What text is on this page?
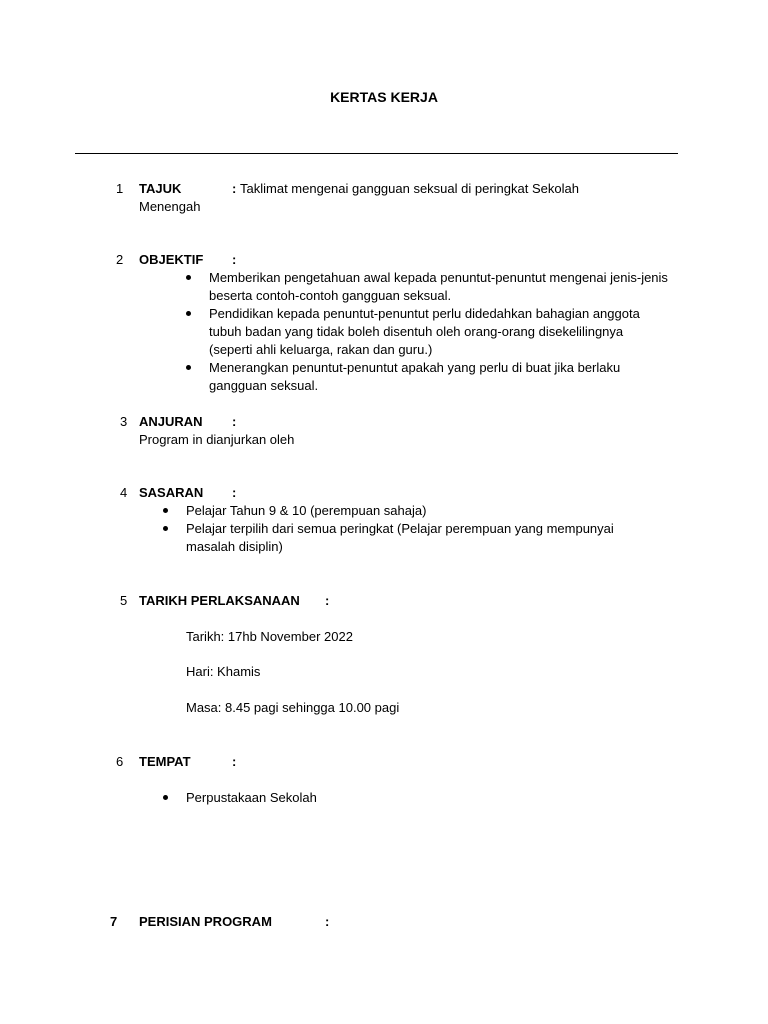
KERTAS KERJA
1 TAJUK	: Taklimat mengenai gangguan seksual di peringkat Sekolah
Menengah
2 OBJEKTIF :
Memberikan pengetahuan awal kepada penuntut-penuntut mengenai jenis-jenis beserta contoh-contoh gangguan seksual.
Pendidikan kepada penuntut-penuntut perlu didedahkan bahagian anggota tubuh badan yang tidak boleh disentuh oleh orang-orang disekelilingnya (seperti ahli keluarga, rakan dan guru.)
Menerangkan penuntut-penuntut apakah yang perlu di buat jika berlaku gangguan seksual.
3 ANJURAN :
Program in dianjurkan oleh
4 SASARAN :
Pelajar Tahun 9 & 10 (perempuan sahaja)
Pelajar terpilih dari semua peringkat (Pelajar perempuan yang mempunyai masalah disiplin)
5 TARIKH PERLAKSANAAN :
Tarikh: 17hb November 2022
Hari: Khamis
Masa: 8.45 pagi sehingga 10.00 pagi
6 TEMPAT	:
Perpustakaan Sekolah
7 PERISIAN PROGRAM	:
